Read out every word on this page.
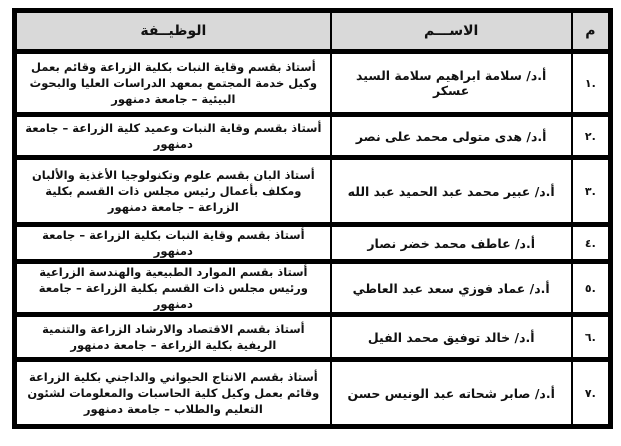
م	الاســـم	الوظيــفة
.١	أ.د/ سلامة ابراهيم سلامة السيد عسكر	أستاذ بقسم وقاية النبات بكلية الزراعة وقائم بعمل وكيل خدمة المجتمع بمعهد الدراسات العليا والبحوث البيئية – جامعة دمنهور
.٢	أ.د/ هدى متولى محمد على نصر	أستاذ بقسم وقاية النبات وعميد كلية الزراعة – جامعة دمنهور
.٣	أ.د/ عبير محمد عبد الحميد عبد الله	أستاذ البان بقسم علوم وتكنولوجيا الأغذية والألبان ومكلف بأعمال رئيس مجلس ذات القسم بكلية الزراعة – جامعة دمنهور
.٤	أ.د/ عاطف محمد خضر نصار	أستاذ بقسم وقاية النبات بكلية الزراعة – جامعة دمنهور
.٥	أ.د/ عماد فوزي سعد عبد العاطي	أستاذ بقسم الموارد الطبيعية والهندسة الزراعية ورئيس مجلس ذات القسم بكلية الزراعة – جامعة دمنهور
.٦	أ.د/ خالد توفيق محمد الفيل	أستاذ بقسم الاقتصاد والارشاد الزراعة والتنمية الريفية بكلية الزراعة – جامعة دمنهور
.٧	أ.د/ صابر شحاته عبد الونيس حسن	أستاذ بقسم الانتاج الحيواني والداجني بكلية الزراعة وقائم بعمل وكيل كلية الحاسبات والمعلومات لشئون التعليم والطلاب – جامعة دمنهور
